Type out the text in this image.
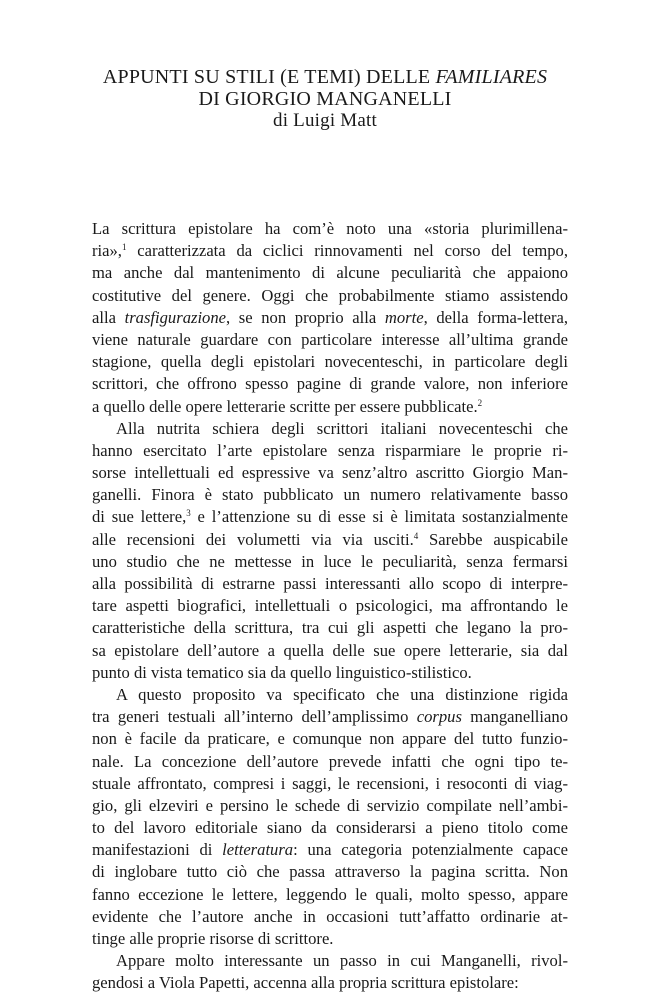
APPUNTI SU STILI (E TEMI) DELLE FAMILIARES
DI GIORGIO MANGANELLI
di Luigi Matt
La scrittura epistolare ha com’è noto una «storia plurimillena-
ria»,$^1$ caratterizzata da ciclici rinnovamenti nel corso del tempo,
ma anche dal mantenimento di alcune peculiarità che appaiono
costitutive del genere. Oggi che probabilmente stiamo assistendo
alla trasfigurazione, se non proprio alla morte, della forma-lettera,
viene naturale guardare con particolare interesse all’ultima grande
stagione, quella degli epistolari novecenteschi, in particolare degli
scrittori, che offrono spesso pagine di grande valore, non inferiore
a quello delle opere letterarie scritte per essere pubblicate.$^2$
Alla nutrita schiera degli scrittori italiani novecenteschi che
hanno esercitato l’arte epistolare senza risparmiare le proprie ri-
sorse intellettuali ed espressive va senz’altro ascritto Giorgio Man-
ganelli. Finora è stato pubblicato un numero relativamente basso
di sue lettere,$^3$ e l’attenzione su di esse si è limitata sostanzialmente
alle recensioni dei volumetti via via usciti.$^4$ Sarebbe auspicabile
uno studio che ne mettesse in luce le peculiarità, senza fermarsi
alla possibilità di estrarne passi interessanti allo scopo di interpre-
tare aspetti biografici, intellettuali o psicologici, ma affrontando le
caratteristiche della scrittura, tra cui gli aspetti che legano la pro-
sa epistolare dell’autore a quella delle sue opere letterarie, sia dal
punto di vista tematico sia da quello linguistico-stilistico.
A questo proposito va specificato che una distinzione rigida
tra generi testuali all’interno dell’amplissimo corpus manganelliano
non è facile da praticare, e comunque non appare del tutto funzio-
nale. La concezione dell’autore prevede infatti che ogni tipo te-
stuale affrontato, compresi i saggi, le recensioni, i resoconti di viag-
gio, gli elzeviri e persino le schede di servizio compilate nell’ambi-
to del lavoro editoriale siano da considerarsi a pieno titolo come
manifestazioni di letteratura: una categoria potenzialmente capace
di inglobare tutto ciò che passa attraverso la pagina scritta. Non
fanno eccezione le lettere, leggendo le quali, molto spesso, appare
evidente che l’autore anche in occasioni tutt’affatto ordinarie at-
tinge alle proprie risorse di scrittore.
Appare molto interessante un passo in cui Manganelli, rivol-
gendosi a Viola Papetti, accenna alla propria scrittura epistolare:
